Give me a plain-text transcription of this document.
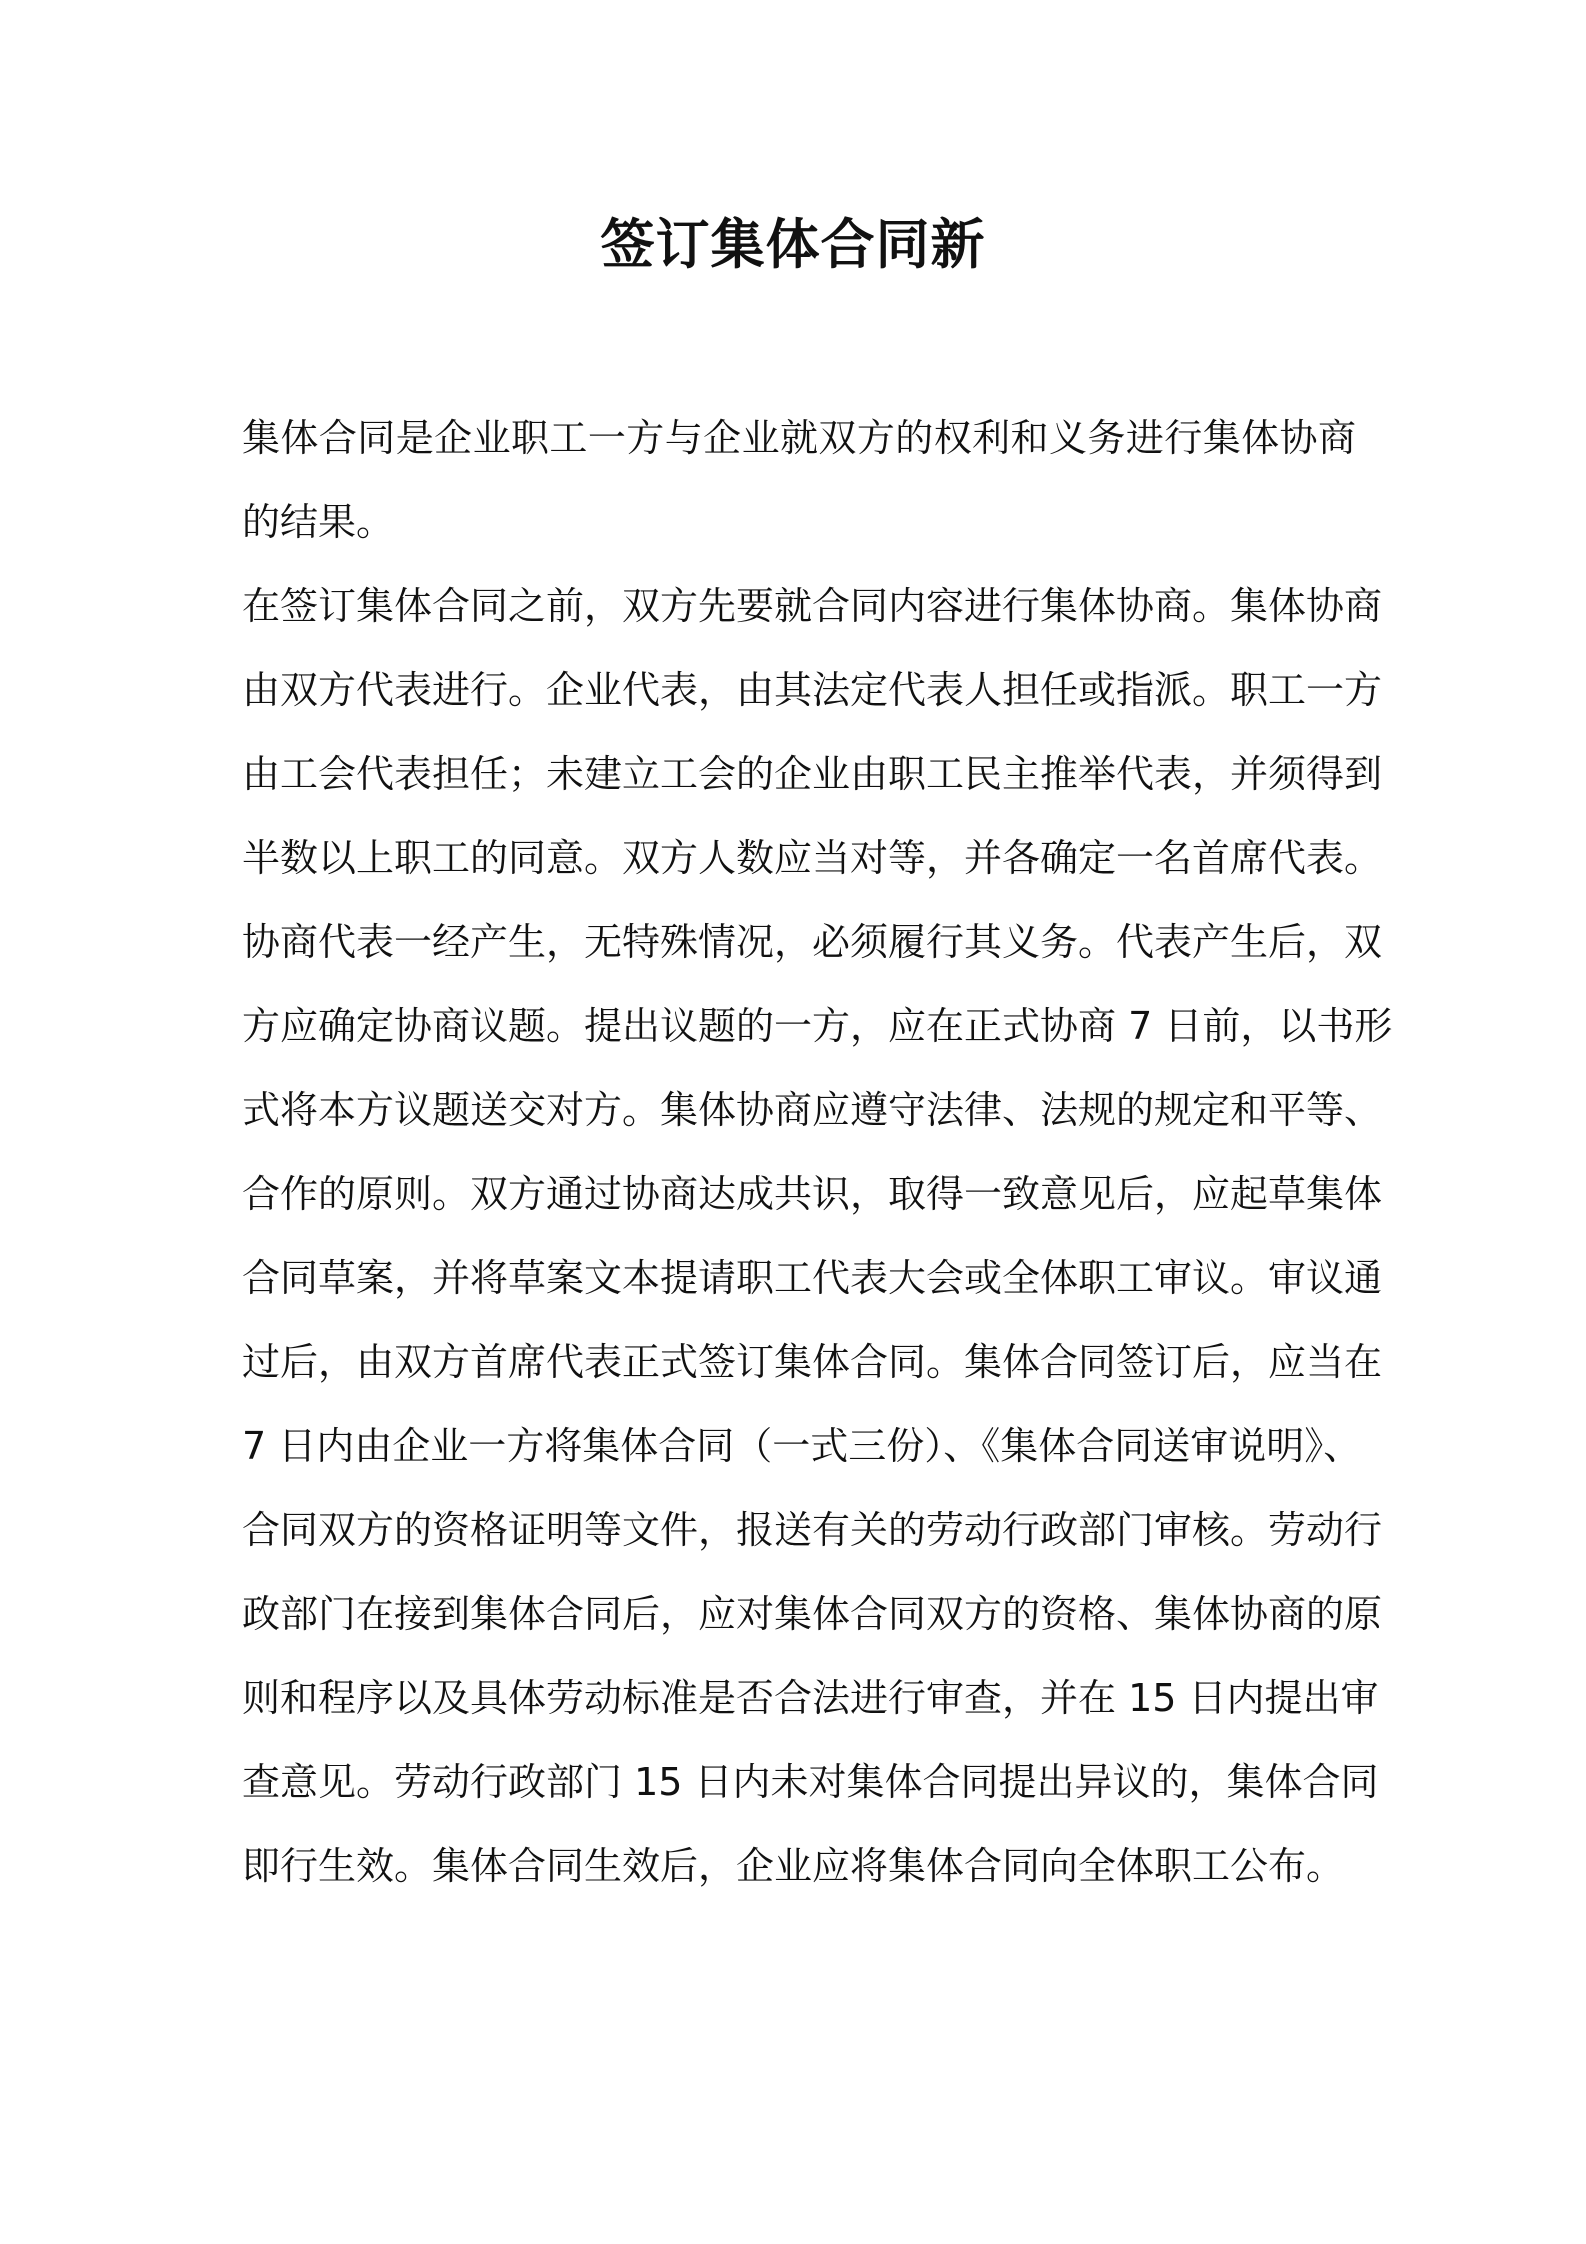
签订集体合同新
集体合同是企业职工一方与企业就双方的权利和义务进行集体协商
的结果。
在签订集体合同之前，双方先要就合同内容进行集体协商。集体协商
由双方代表进行。企业代表，由其法定代表人担任或指派。职工一方
由工会代表担任；未建立工会的企业由职工民主推举代表，并须得到
半数以上职工的同意。双方人数应当对等，并各确定一名首席代表。
协商代表一经产生，无特殊情况，必须履行其义务。代表产生后，双
方应确定协商议题。提出议题的一方，应在正式协商 7 日前，以书形
式将本方议题送交对方。集体协商应遵守法律、法规的规定和平等、
合作的原则。双方通过协商达成共识，取得一致意见后，应起草集体
合同草案，并将草案文本提请职工代表大会或全体职工审议。审议通
过后，由双方首席代表正式签订集体合同。集体合同签订后，应当在
7 日内由企业一方将集体合同（一式三份）、《集体合同送审说明》、
合同双方的资格证明等文件，报送有关的劳动行政部门审核。劳动行
政部门在接到集体合同后，应对集体合同双方的资格、集体协商的原
则和程序以及具体劳动标准是否合法进行审查，并在 15 日内提出审
查意见。劳动行政部门 15 日内未对集体合同提出异议的，集体合同
即行生效。集体合同生效后，企业应将集体合同向全体职工公布。
